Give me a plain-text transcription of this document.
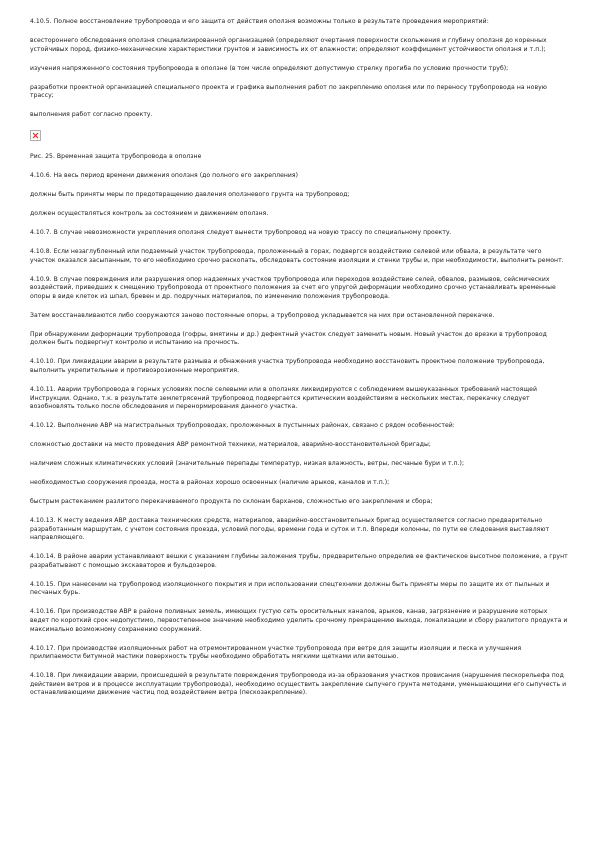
4.10.5. Полное восстановление трубопровода и его защита от действия оползня возможны только в результате проведения мероприятий:

всестороннего обследования оползня специализированной организацией (определяют очертания поверхности скольжения и глубину оползня до коренных устойчивых пород, физико-механические характеристики грунтов и зависимость их от влажности; определяют коэффициент устойчивости оползня и т.п.);

изучения напряженного состояния трубопровода в оползне (в том числе определяют допустимую стрелку прогиба по условию прочности труб);

разработки проектной организацией специального проекта и графика выполнения работ по закреплению оползня или по переносу трубопровода на новую трассу;

выполнения работ согласно проекту.

Рис. 25. Временная защита трубопровода в оползне

4.10.6. На весь период времени движения оползня (до полного его закрепления)

должны быть приняты меры по предотвращению давления оползневого грунта на трубопровод;

должен осуществляться контроль за состоянием и движением оползня.

4.10.7. В случае невозможности укрепления оползня следует вынести трубопровод на новую трассу по специальному проекту.

4.10.8. Если незаглубленный или подземный участок трубопровода, проложенный в горах, подвергся воздействию селевой или обвала, в результате чего участок оказался засыпанным, то его необходимо срочно раскопать, обследовать состояние изоляции и стенки трубы и, при необходимости, выполнить ремонт.

4.10.9. В случае повреждения или разрушения опор надземных участков трубопровода или переходов воздействие селей, обвалов, размывов, сейсмических воздействий, приведших к смещению трубопровода от проектного положения за счет его упругой деформации необходимо срочно устанавливать временные опоры в виде клеток из шпал, бревен и др. подручных материалов, по изменению положения трубопровода.

Затем восстанавливаются либо сооружаются заново постоянные опоры, а трубопровод укладывается на них при остановленной перекачке.

При обнаружении деформации трубопровода (гофры, вмятины и др.) дефектный участок следует заменить новым. Новый участок до врезки в трубопровод должен быть подвергнут контролю и испытанию на прочность.

4.10.10. При ликвидации аварии в результате размыва и обнажения участка трубопровода необходимо восстановить проектное положение трубопровода, выполнить укрепительные и противоэрозионные мероприятия.

4.10.11. Аварии трубопровода в горных условиях после селевыми или в оползнях ликвидируются с соблюдением вышеуказанных требований настоящей Инструкции. Однако, т.к. в результате землетрясений трубопровод подвергается критическим воздействиям в нескольких местах, перекачку следует возобновлять только после обследования и перенормирования данного участка.

4.10.12. Выполнение АВР на магистральных трубопроводах, проложенных в пустынных районах, связано с рядом особенностей:

сложностью доставки на место проведения АВР ремонтной техники, материалов, аварийно-восстановительной бригады;

наличием сложных климатических условий (значительные перепады температур, низкая влажность, ветры, песчаные бури и т.п.);

необходимостью сооружения проезда, моста в районах хорошо освоенных (наличие арыков, каналов и т.п.);

быстрым растеканием разлитого перекачиваемого продукта по склонам барханов, сложностью его закрепления и сбора;

4.10.13. К месту ведения АВР доставка технических средств, материалов, аварийно-восстановительных бригад осуществляется согласно предварительно разработанным маршрутам, с учетом состояния проезда, условий погоды, времени года и суток и т.п. Впереди колонны, по пути ее следования выставляют направляющего.

4.10.14. В районе аварии устанавливают вешки с указанием глубины заложения трубы, предварительно определив ее фактическое высотное положение, а грунт разрабатывают с помощью экскаваторов и бульдозеров.

4.10.15. При нанесении на трубопровод изоляционного покрытия и при использовании спецтехники должны быть приняты меры по защите их от пыльных и песчаных бурь.

4.10.16. При производстве АВР в районе поливных земель, имеющих густую сеть оросительных каналов, арыков, канав, загрязнение и разрушение которых ведет по короткий срок недопустимо, первостепенное значение необходимо уделить срочному прекращению выхода, локализации и сбору разлитого продукта и максимально возможному сохранению сооружений.

4.10.17. При производстве изоляционных работ на отремонтированном участке трубопровода при ветре для защиты изоляции и песка и улучшения прилипаемости битумной мастики поверхность трубы необходимо обработать мягкими щетками или ветошью.

4.10.18. При ликвидации аварии, происшедшей в результате повреждения трубопровода из-за образования участков провисания (нарушения пескорельефа под действием ветров и в процессе эксплуатации трубопровода), необходимо осуществить закрепление сыпучего грунта методами, уменьшающими его сыпучесть и останавливающими движение частиц под воздействием ветра (пескозакрепление).
